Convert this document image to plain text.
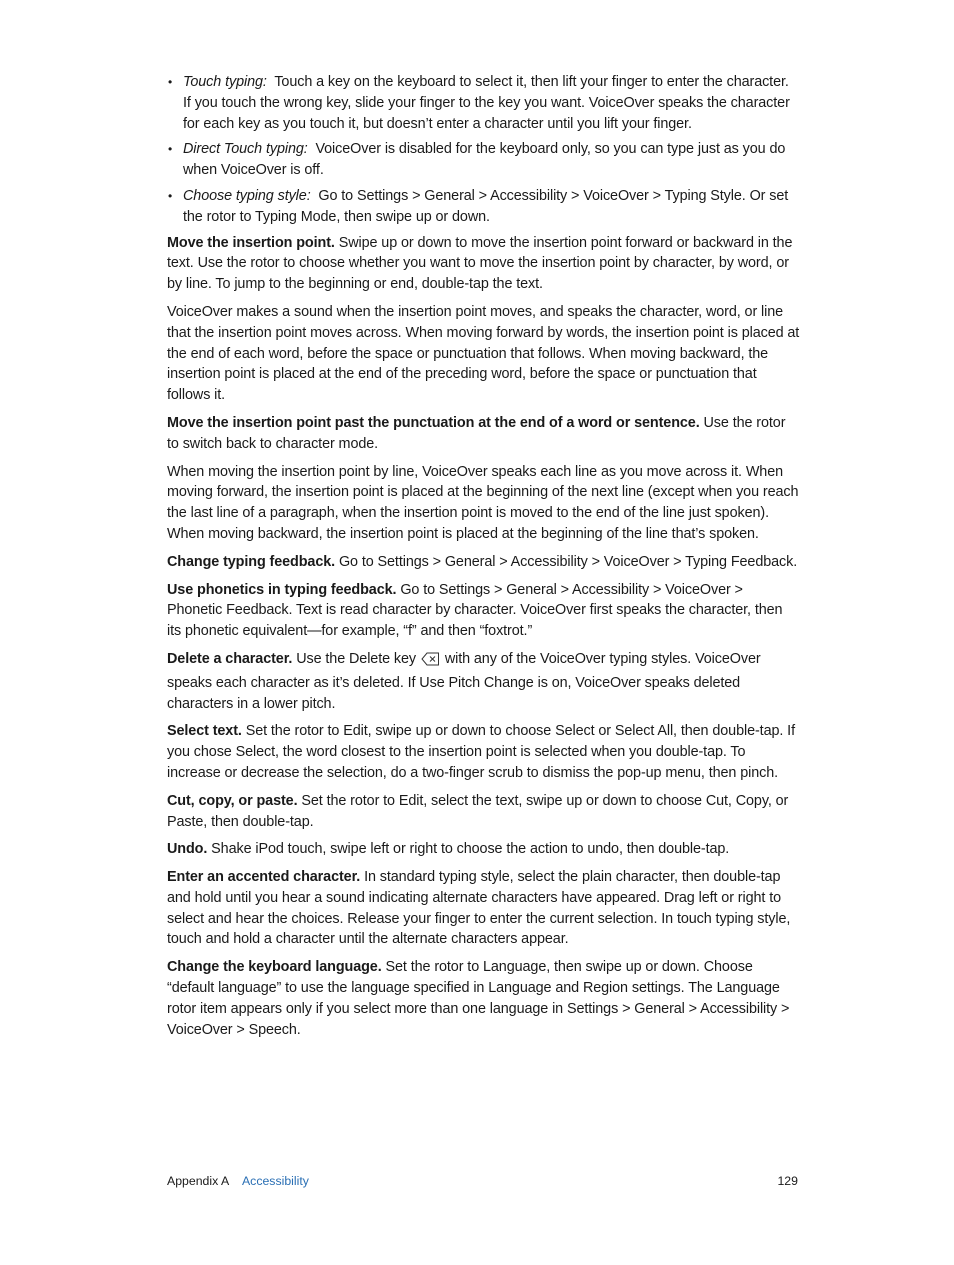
• Touch typing: Touch a key on the keyboard to select it, then lift your finger to enter the character. If you touch the wrong key, slide your finger to the key you want. VoiceOver speaks the character for each key as you touch it, but doesn’t enter a character until you lift your finger.
• Direct Touch typing: VoiceOver is disabled for the keyboard only, so you can type just as you do when VoiceOver is off.
• Choose typing style: Go to Settings > General > Accessibility > VoiceOver > Typing Style. Or set the rotor to Typing Mode, then swipe up or down.

Move the insertion point. Swipe up or down to move the insertion point forward or backward in the text. Use the rotor to choose whether you want to move the insertion point by character, by word, or by line. To jump to the beginning or end, double-tap the text.

VoiceOver makes a sound when the insertion point moves, and speaks the character, word, or line that the insertion point moves across. When moving forward by words, the insertion point is placed at the end of each word, before the space or punctuation that follows. When moving backward, the insertion point is placed at the end of the preceding word, before the space or punctuation that follows it.

Move the insertion point past the punctuation at the end of a word or sentence. Use the rotor to switch back to character mode.

When moving the insertion point by line, VoiceOver speaks each line as you move across it. When moving forward, the insertion point is placed at the beginning of the next line (except when you reach the last line of a paragraph, when the insertion point is moved to the end of the line just spoken). When moving backward, the insertion point is placed at the beginning of the line that’s spoken.

Change typing feedback. Go to Settings > General > Accessibility > VoiceOver > Typing Feedback.

Use phonetics in typing feedback. Go to Settings > General > Accessibility > VoiceOver > Phonetic Feedback. Text is read character by character. VoiceOver first speaks the character, then its phonetic equivalent—for example, “f” and then “foxtrot.”

Delete a character. Use the Delete key with any of the VoiceOver typing styles. VoiceOver speaks each character as it’s deleted. If Use Pitch Change is on, VoiceOver speaks deleted characters in a lower pitch.

Select text. Set the rotor to Edit, swipe up or down to choose Select or Select All, then double-tap. If you chose Select, the word closest to the insertion point is selected when you double-tap. To increase or decrease the selection, do a two-finger scrub to dismiss the pop-up menu, then pinch.

Cut, copy, or paste. Set the rotor to Edit, select the text, swipe up or down to choose Cut, Copy, or Paste, then double-tap.

Undo. Shake iPod touch, swipe left or right to choose the action to undo, then double-tap.

Enter an accented character. In standard typing style, select the plain character, then double-tap and hold until you hear a sound indicating alternate characters have appeared. Drag left or right to select and hear the choices. Release your finger to enter the current selection. In touch typing style, touch and hold a character until the alternate characters appear.

Change the keyboard language. Set the rotor to Language, then swipe up or down. Choose “default language” to use the language specified in Language and Region settings. The Language rotor item appears only if you select more than one language in Settings > General > Accessibility > VoiceOver > Speech.

Appendix A Accessibility	129
